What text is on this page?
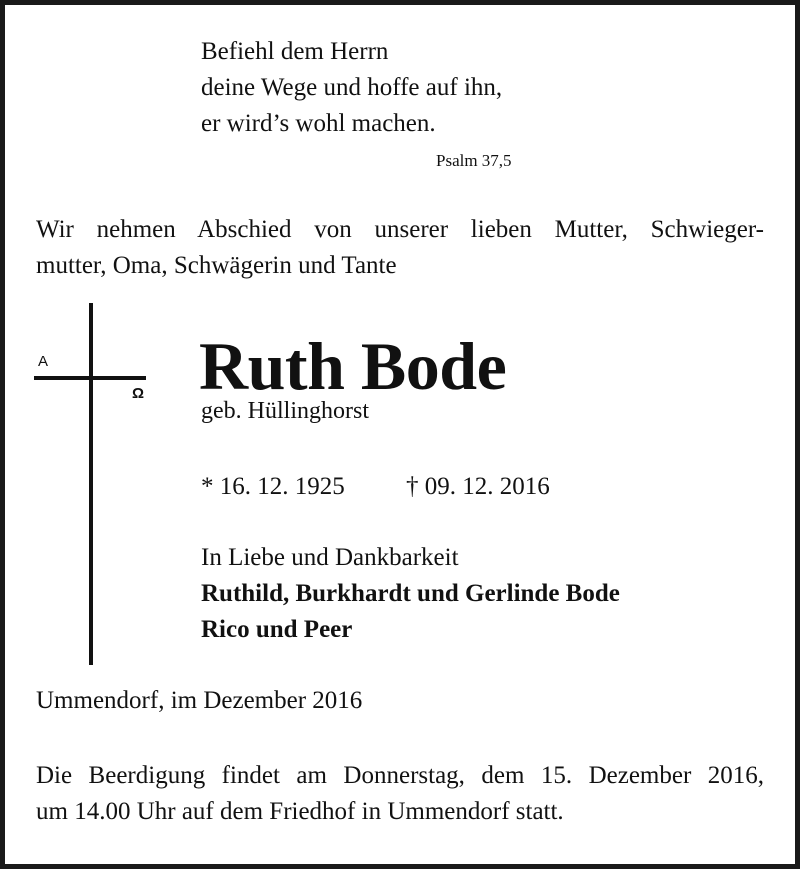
Befiehl dem Herrn
deine Wege und hoffe auf ihn,
er wird’s wohl machen.

Psalm 37,5

Wir nehmen Abschied von unserer lieben Mutter, Schwieger-
mutter, Oma, Schwägerin und Tante

A
Ω Ruth Bode
geb. Hüllinghorst
* 16. 12. 1925 † 09. 12. 2016

In Liebe und Dankbarkeit
Ruthild, Burkhardt und Gerlinde Bode
Rico und Peer

Ummendorf, im Dezember 2016

Die Beerdigung findet am Donnerstag, dem 15. Dezember 2016,
um 14.00 Uhr auf dem Friedhof in Ummendorf statt.
